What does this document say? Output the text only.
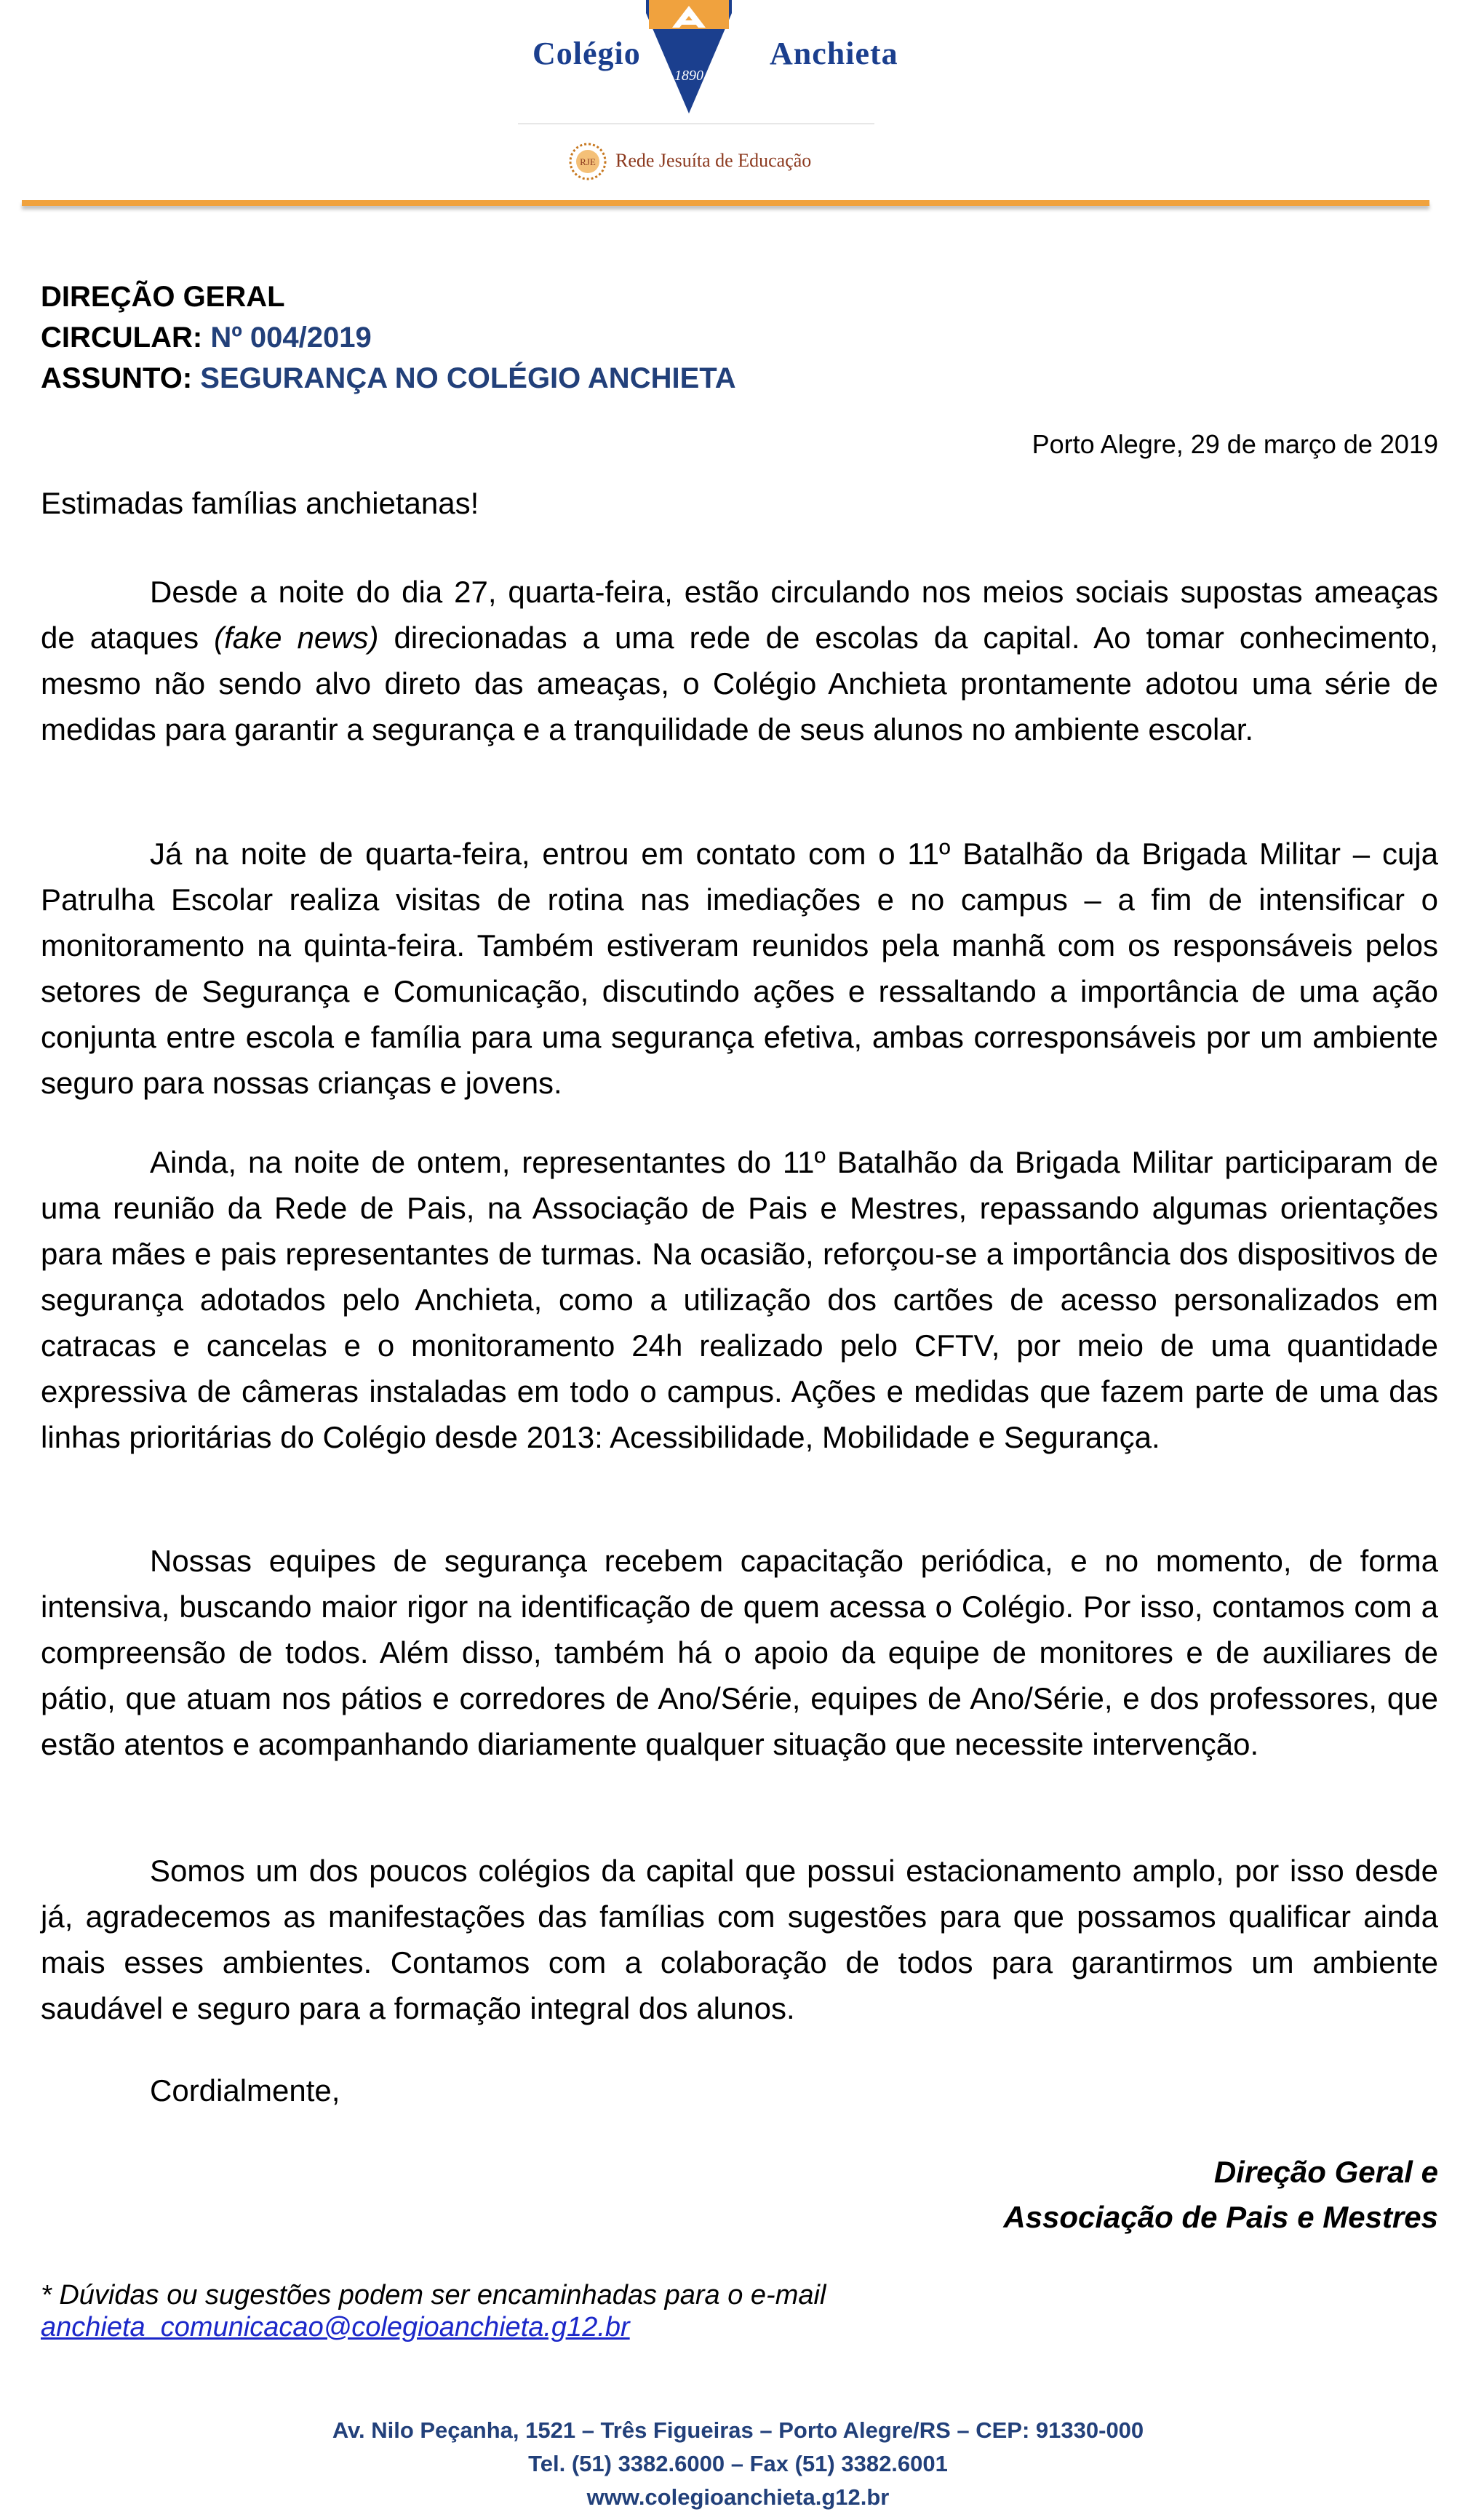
Colégio
1890
Anchieta
RJE Rede Jesuíta de Educação
DIREÇÃO GERAL
CIRCULAR: Nº 004/2019
ASSUNTO: SEGURANÇA NO COLÉGIO ANCHIETA
Porto Alegre, 29 de março de 2019
Estimadas famílias anchietanas!
Desde a noite do dia 27, quarta-feira, estão circulando nos meios sociais supostas ameaças de ataques (fake news) direcionadas a uma rede de escolas da capital. Ao tomar conhecimento, mesmo não sendo alvo direto das ameaças, o Colégio Anchieta prontamente adotou uma série de medidas para garantir a segurança e a tranquilidade de seus alunos no ambiente escolar.
Já na noite de quarta-feira, entrou em contato com o 11º Batalhão da Brigada Militar – cuja Patrulha Escolar realiza visitas de rotina nas imediações e no campus – a fim de intensificar o monitoramento na quinta-feira. Também estiveram reunidos pela manhã com os responsáveis pelos setores de Segurança e Comunicação, discutindo ações e ressaltando a importância de uma ação conjunta entre escola e família para uma segurança efetiva, ambas corresponsáveis por um ambiente seguro para nossas crianças e jovens.
Ainda, na noite de ontem, representantes do 11º Batalhão da Brigada Militar participaram de uma reunião da Rede de Pais, na Associação de Pais e Mestres, repassando algumas orientações para mães e pais representantes de turmas. Na ocasião, reforçou-se a importância dos dispositivos de segurança adotados pelo Anchieta, como a utilização dos cartões de acesso personalizados em catracas e cancelas e o monitoramento 24h realizado pelo CFTV, por meio de uma quantidade expressiva de câmeras instaladas em todo o campus. Ações e medidas que fazem parte de uma das linhas prioritárias do Colégio desde 2013: Acessibilidade, Mobilidade e Segurança.
Nossas equipes de segurança recebem capacitação periódica, e no momento, de forma intensiva, buscando maior rigor na identificação de quem acessa o Colégio. Por isso, contamos com a compreensão de todos. Além disso, também há o apoio da equipe de monitores e de auxiliares de pátio, que atuam nos pátios e corredores de Ano/Série, equipes de Ano/Série, e dos professores, que estão atentos e acompanhando diariamente qualquer situação que necessite intervenção.
Somos um dos poucos colégios da capital que possui estacionamento amplo, por isso desde já, agradecemos as manifestações das famílias com sugestões para que possamos qualificar ainda mais esses ambientes. Contamos com a colaboração de todos para garantirmos um ambiente saudável e seguro para a formação integral dos alunos.
Cordialmente,
Direção Geral e
Associação de Pais e Mestres
* Dúvidas ou sugestões podem ser encaminhadas para o e-mail
anchieta_comunicacao@colegioanchieta.g12.br
Av. Nilo Peçanha, 1521 – Três Figueiras – Porto Alegre/RS – CEP: 91330-000
Tel. (51) 3382.6000 – Fax (51) 3382.6001
www.colegioanchieta.g12.br
